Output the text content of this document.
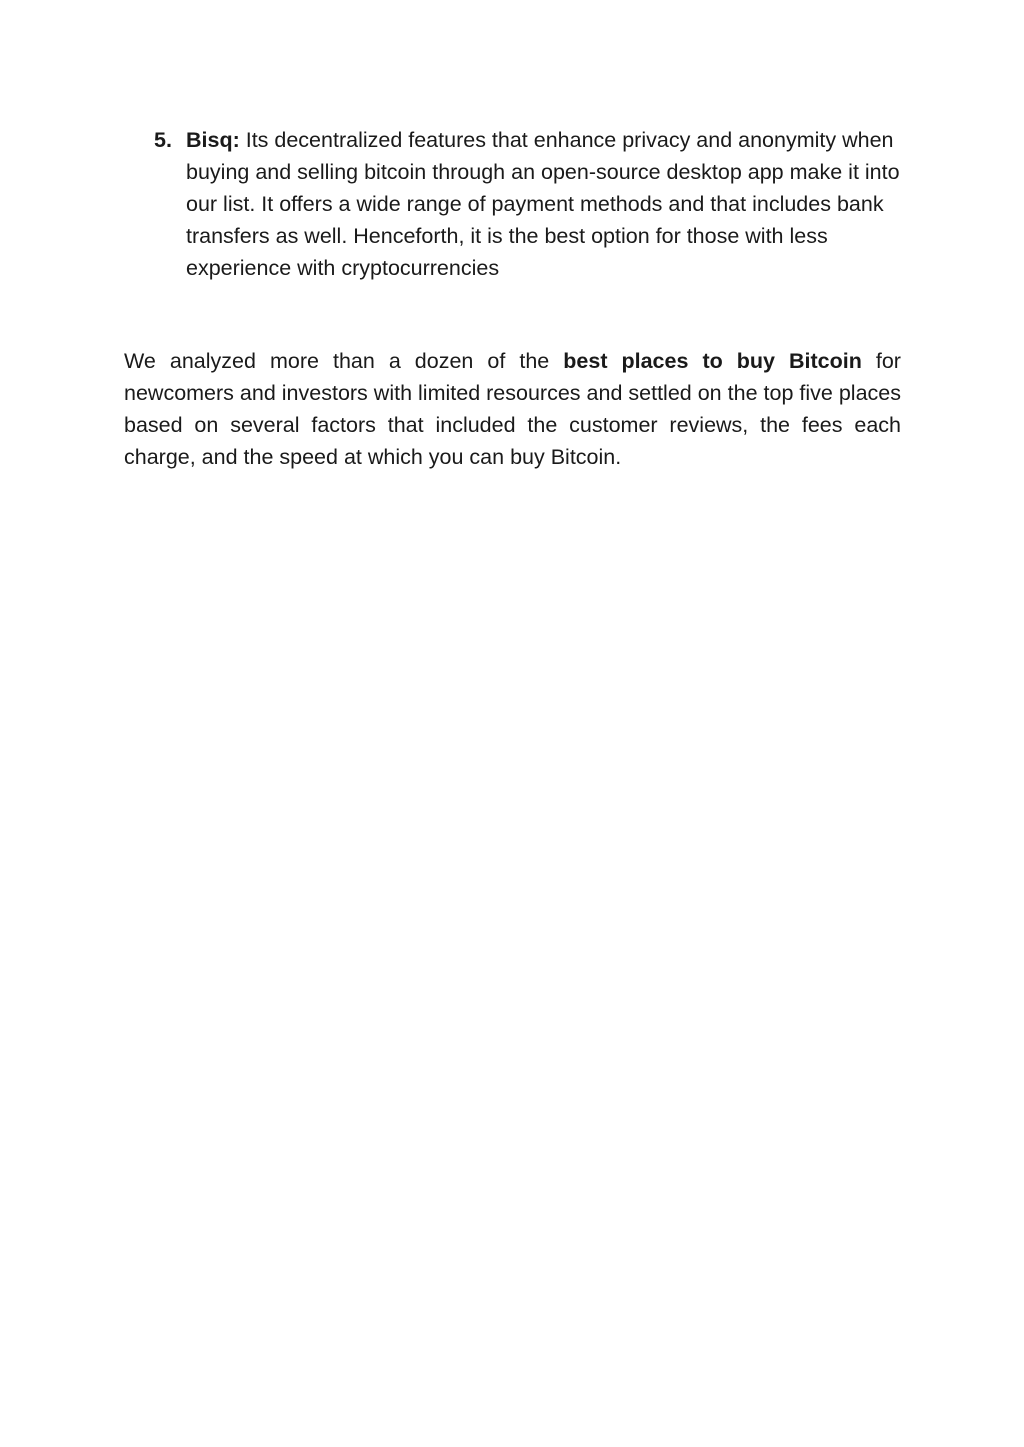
5. Bisq: Its decentralized features that enhance privacy and anonymity when buying and selling bitcoin through an open-source desktop app make it into our list. It offers a wide range of payment methods and that includes bank transfers as well. Henceforth, it is the best option for those with less experience with cryptocurrencies

We analyzed more than a dozen of the best places to buy Bitcoin for newcomers and investors with limited resources and settled on the top five places based on several factors that included the customer reviews, the fees each charge, and the speed at which you can buy Bitcoin.
